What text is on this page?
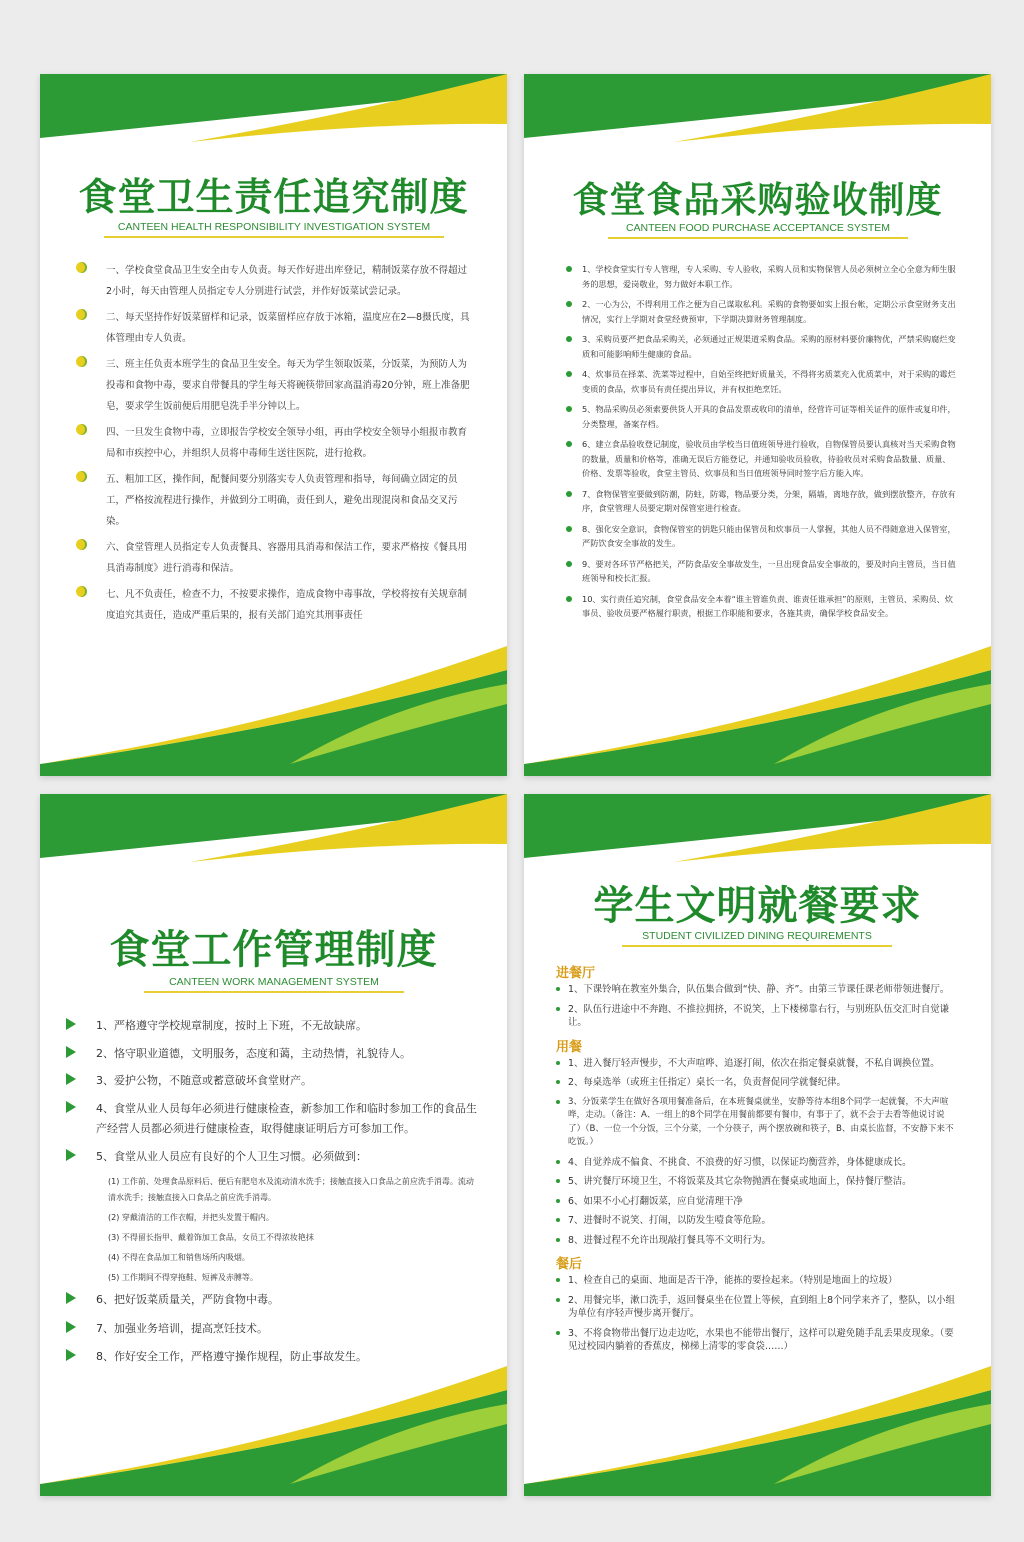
食堂卫生责任追究制度
CANTEEN HEALTH RESPONSIBILITY INVESTIGATION SYSTEM
一、学校食堂食品卫生安全由专人负责。每天作好进出库登记，精制饭菜存放不得超过2小时，每天由管理人员指定专人分别进行试尝，并作好饭菜试尝记录。
二、每天坚持作好饭菜留样和记录，饭菜留样应存放于冰箱，温度应在2—8摄氏度，具体管理由专人负责。
三、班主任负责本班学生的食品卫生安全。每天为学生领取饭菜，分饭菜，为预防人为投毒和食物中毒，要求自带餐具的学生每天将碗筷带回家高温消毒20分钟，班上准备肥皂，要求学生饭前便后用肥皂洗手半分钟以上。
四、一旦发生食物中毒，立即报告学校安全领导小组，再由学校安全领导小组报市教育局和市疾控中心，并组织人员将中毒师生送往医院，进行抢救。
五、粗加工区，操作间，配餐间要分别落实专人负责管理和指导，每间确立固定的员工，严格按流程进行操作，并做到分工明确，责任到人，避免出现混岗和食品交叉污染。
六、食堂管理人员指定专人负责餐具、容器用具消毒和保洁工作，要求严格按《餐具用具消毒制度》进行消毒和保洁。
七、凡不负责任，检查不力，不按要求操作，造成食物中毒事故，学校将按有关规章制度追究其责任，造成严重后果的，报有关部门追究其刑事责任
食堂食品采购验收制度
CANTEEN FOOD PURCHASE ACCEPTANCE SYSTEM
1、学校食堂实行专人管理，专人采购、专人验收，采购人员和实物保管人员必须树立全心全意为师生服务的思想，爱岗敬业，努力做好本职工作。
2、一心为公，不得利用工作之便为自己谋取私利。采购的食物要如实上报台帐，定期公示食堂财务支出情况，实行上学期对食堂经费预审，下学期决算财务管理制度。
3、采购员要严把食品采购关，必须通过正规渠道采购食品。采购的原材料要价廉物优，严禁采购腐烂变质和可能影响师生健康的食品。
4、炊事员在择菜、洗菜等过程中，自始至终把好质量关，不得将劣质菜充入优质菜中，对于采购的霉烂变质的食品，炊事员有责任提出异议，并有权拒绝烹饪。
5、物品采购员必须索要供货人开具的食品发票或收印的清单，经营许可证等相关证件的原件或复印件，分类整理，备案存档。
6、建立食品验收登记制度，验收员由学校当日值班领导进行验收，自物保管员要认真核对当天采购食物的数量，质量和价格等，准确无误后方能登记，并通知验收员验收，待验收员对采购食品数量、质量、价格、发票等验收，食堂主管员、炊事员和当日值班领导同时签字后方能入库。
7、食物保管室要做到防潮，防蛀，防霉，物品要分类，分架，隔墙，离地存放，做到摆放整齐，存放有序，食堂管理人员要定期对保管室进行检查。
8、强化安全意识，食物保管室的钥匙只能由保管员和炊事员一人掌握，其他人员不得随意进入保管室，严防饮食安全事故的发生。
9、要对各环节严格把关，严防食品安全事故发生，一旦出现食品安全事故的，要及时向主管员，当日值班领导和校长汇报。
10、实行责任追究制，食堂食品安全本着“谁主管谁负责、谁责任谁承担”的原则，主管员、采购员、炊事员、验收员要严格履行职责，根据工作职能和要求，各施其责，确保学校食品安全。
食堂工作管理制度
CANTEEN WORK MANAGEMENT SYSTEM
1、严格遵守学校规章制度，按时上下班，不无故缺席。
2、恪守职业道德，文明服务，态度和蔼，主动热情，礼貌待人。
3、爱护公物，不随意或蓄意破坏食堂财产。
4、食堂从业人员每年必须进行健康检查，新参加工作和临时参加工作的食品生产经营人员都必须进行健康检查，取得健康证明后方可参加工作。
5、食堂从业人员应有良好的个人卫生习惯。必须做到：
(1) 工作前、处理食品原料后、便后有肥皂水及流动清水洗手；接触直接入口食品之前应洗手消毒。流动清水洗手；接触直接入口食品之前应洗手消毒。
(2) 穿戴清洁的工作衣帽，并把头发置于帽内。
(3) 不得留长指甲、戴着饰加工食品，女员工不得浓妆艳抹
(4) 不得在食品加工和销售场所内吸烟。
(5) 工作期间不得穿拖鞋、短裤及赤膊等。
6、把好饭菜质量关，严防食物中毒。
7、加强业务培训，提高烹饪技术。
8、作好安全工作，严格遵守操作规程，防止事故发生。
学生文明就餐要求
STUDENT CIVILIZED DINING REQUIREMENTS
进餐厅
1、下课铃响在教室外集合，队伍集合做到“快、静、齐”。由第三节课任课老师带领进餐厅。
2、队伍行进途中不奔跑、不推拉拥挤，不说笑，上下楼梯靠右行，与别班队伍交汇时自觉谦让。
用餐
1、进入餐厅轻声慢步，不大声喧哗、追逐打闹，依次在指定餐桌就餐，不私自调换位置。
2、每桌选举（或班主任指定）桌长一名，负责督促同学就餐纪律。
3、分饭菜学生在做好各项用餐准备后，在本班餐桌就坐，安静等待本组8个同学一起就餐，不大声喧哗，走动。（备注：A、一组上的8个同学在用餐前都要有餐巾，有事于了，就不会于去看等他说讨说了）（B、一位一个分饭，三个分菜，一个分筷子，两个摆放碗和筷子，B、由桌长监督，不安静下来不吃饭。）
4、自觉养成不偏食、不挑食、不浪费的好习惯，以保证均衡营养，身体健康成长。
5、讲究餐厅环境卫生，不将饭菜及其它杂物抛洒在餐桌或地面上，保持餐厅整洁。
6、如果不小心打翻饭菜，应自觉清理干净
7、进餐时不说笑、打闹，以防发生噎食等危险。
8、进餐过程不允许出现敲打餐具等不文明行为。
餐后
1、检查自己的桌面、地面是否干净，能拣的要捡起来。（特别是地面上的垃圾）
2、用餐完毕，漱口洗手，返回餐桌坐在位置上等候，直到组上8个同学来齐了，整队，以小组为单位有序轻声慢步离开餐厅。
3、不将食物带出餐厅边走边吃，水果也不能带出餐厅，这样可以避免随手乱丢果皮现象。（要见过校园内躺着的香蕉皮，梯梯上清零的零食袋……）
